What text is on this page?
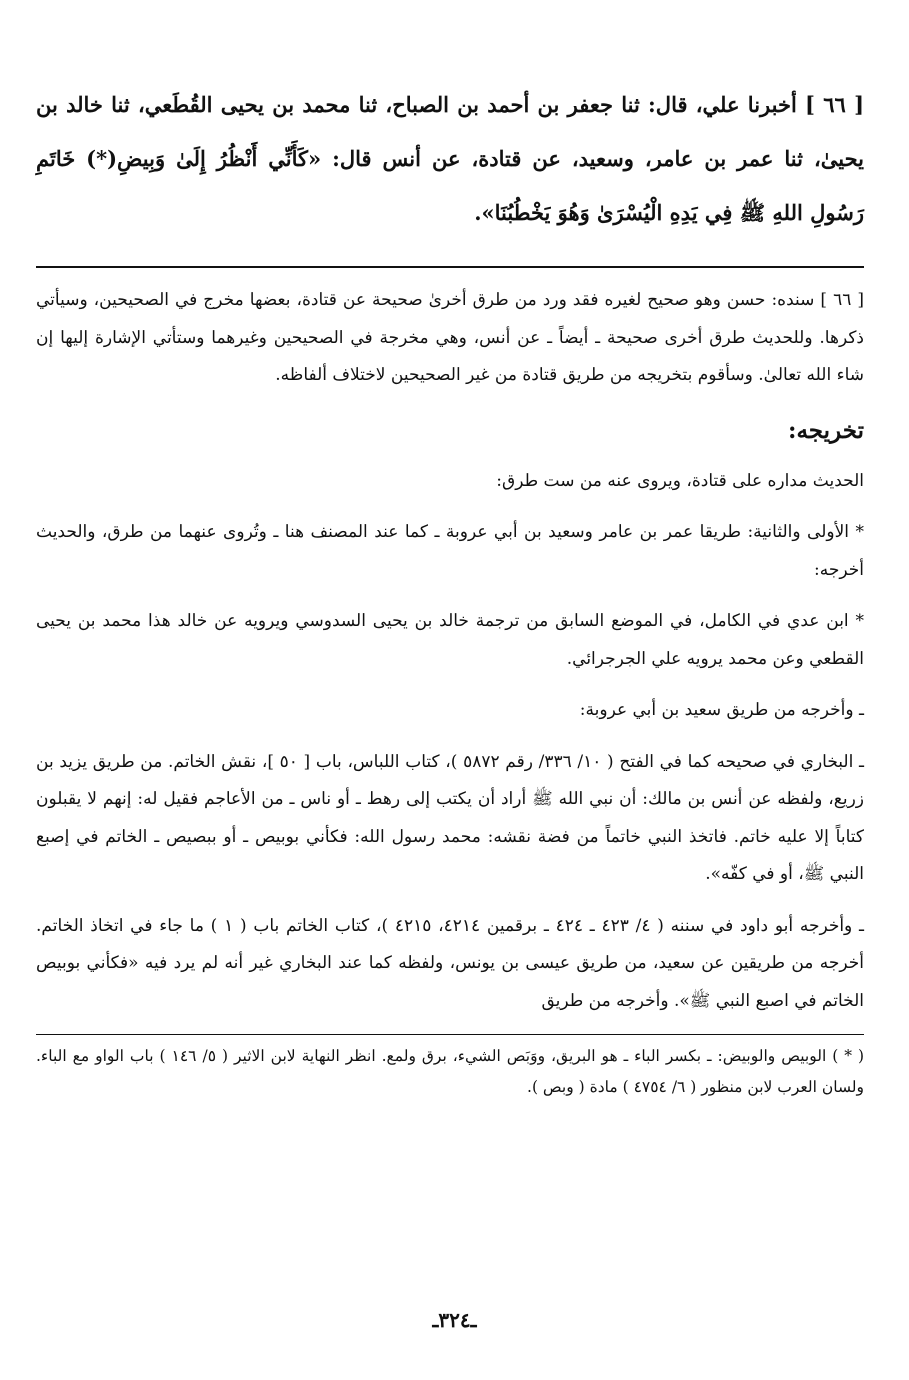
[ ٦٦ ] أخبرنا علي، قال: ثنا جعفر بن أحمد بن الصباح، ثنا محمد بن يحيى القُطَعي، ثنا خالد بن يحيىٰ، ثنا عمر بن عامر، وسعيد، عن قتادة، عن أنس قال: «كَأَنِّي أَنْظُرُ إِلَىٰ وَبِيضِ(*) خَاتَمِ رَسُولِ اللهِ ﷺ فِي يَدِهِ الْيُسْرَىٰ وَهُوَ يَخْطُبُنَا».

[ ٦٦ ] سنده: حسن وهو صحيح لغيره فقد ورد من طرق أخرىٰ صحيحة عن قتادة، بعضها مخرج في الصحيحين، وسيأتي ذكرها. وللحديث طرق أخرى صحيحة ـ أيضاً ـ عن أنس، وهي مخرجة في الصحيحين وغيرهما وستأتي الإشارة إليها إن شاء الله تعالىٰ. وسأقوم بتخريجه من طريق قتادة من غير الصحيحين لاختلاف ألفاظه.

تخريجه:

الحديث مداره على قتادة، ويروى عنه من ست طرق:

* الأولى والثانية: طريقا عمر بن عامر وسعيد بن أبي عروبة ـ كما عند المصنف هنا ـ وتُروى عنهما من طرق، والحديث أخرجه:

* ابن عدي في الكامل، في الموضع السابق من ترجمة خالد بن يحيى السدوسي ويرويه عن خالد هذا محمد بن يحيى القطعي وعن محمد يرويه علي الجرجرائي.

ـ وأخرجه من طريق سعيد بن أبي عروبة:

ـ البخاري في صحيحه كما في الفتح ( ١٠/ ٣٣٦/ رقم ٥٨٧٢ )، كتاب اللباس، باب [ ٥٠ ]، نقش الخاتم. من طريق يزيد بن زريع، ولفظه عن أنس بن مالك: أن نبي الله ﷺ أراد أن يكتب إلى رهط ـ أو ناس ـ من الأعاجم فقيل له: إنهم لا يقبلون كتاباً إلا عليه خاتم. فاتخذ النبي خاتماً من فضة نقشه: محمد رسول الله: فكأني بوبيص ـ أو ببصيص ـ الخاتم في إصبع النبي ﷺ، أو في كفّه».

ـ وأخرجه أبو داود في سننه ( ٤/ ٤٢٣ ـ ٤٢٤ ـ برقمين ٤٢١٤، ٤٢١٥ )، كتاب الخاتم باب ( ١ ) ما جاء في اتخاذ الخاتم. أخرجه من طريقين عن سعيد، من طريق عيسى بن يونس، ولفظه كما عند البخاري غير أنه لم يرد فيه «فكأني بوبيص الخاتم في اصبع النبي ﷺ». وأخرجه من طريق

( * ) الوبيص والوبيض: ـ بكسر الباء ـ هو البريق، ووَبَص الشيء، برق ولمع. انظر النهاية لابن الاثير ( ٥/ ١٤٦ ) باب الواو مع الباء. ولسان العرب لابن منظور ( ٦/ ٤٧٥٤ ) مادة ( وبص ).

ـ٣٢٤ـ
